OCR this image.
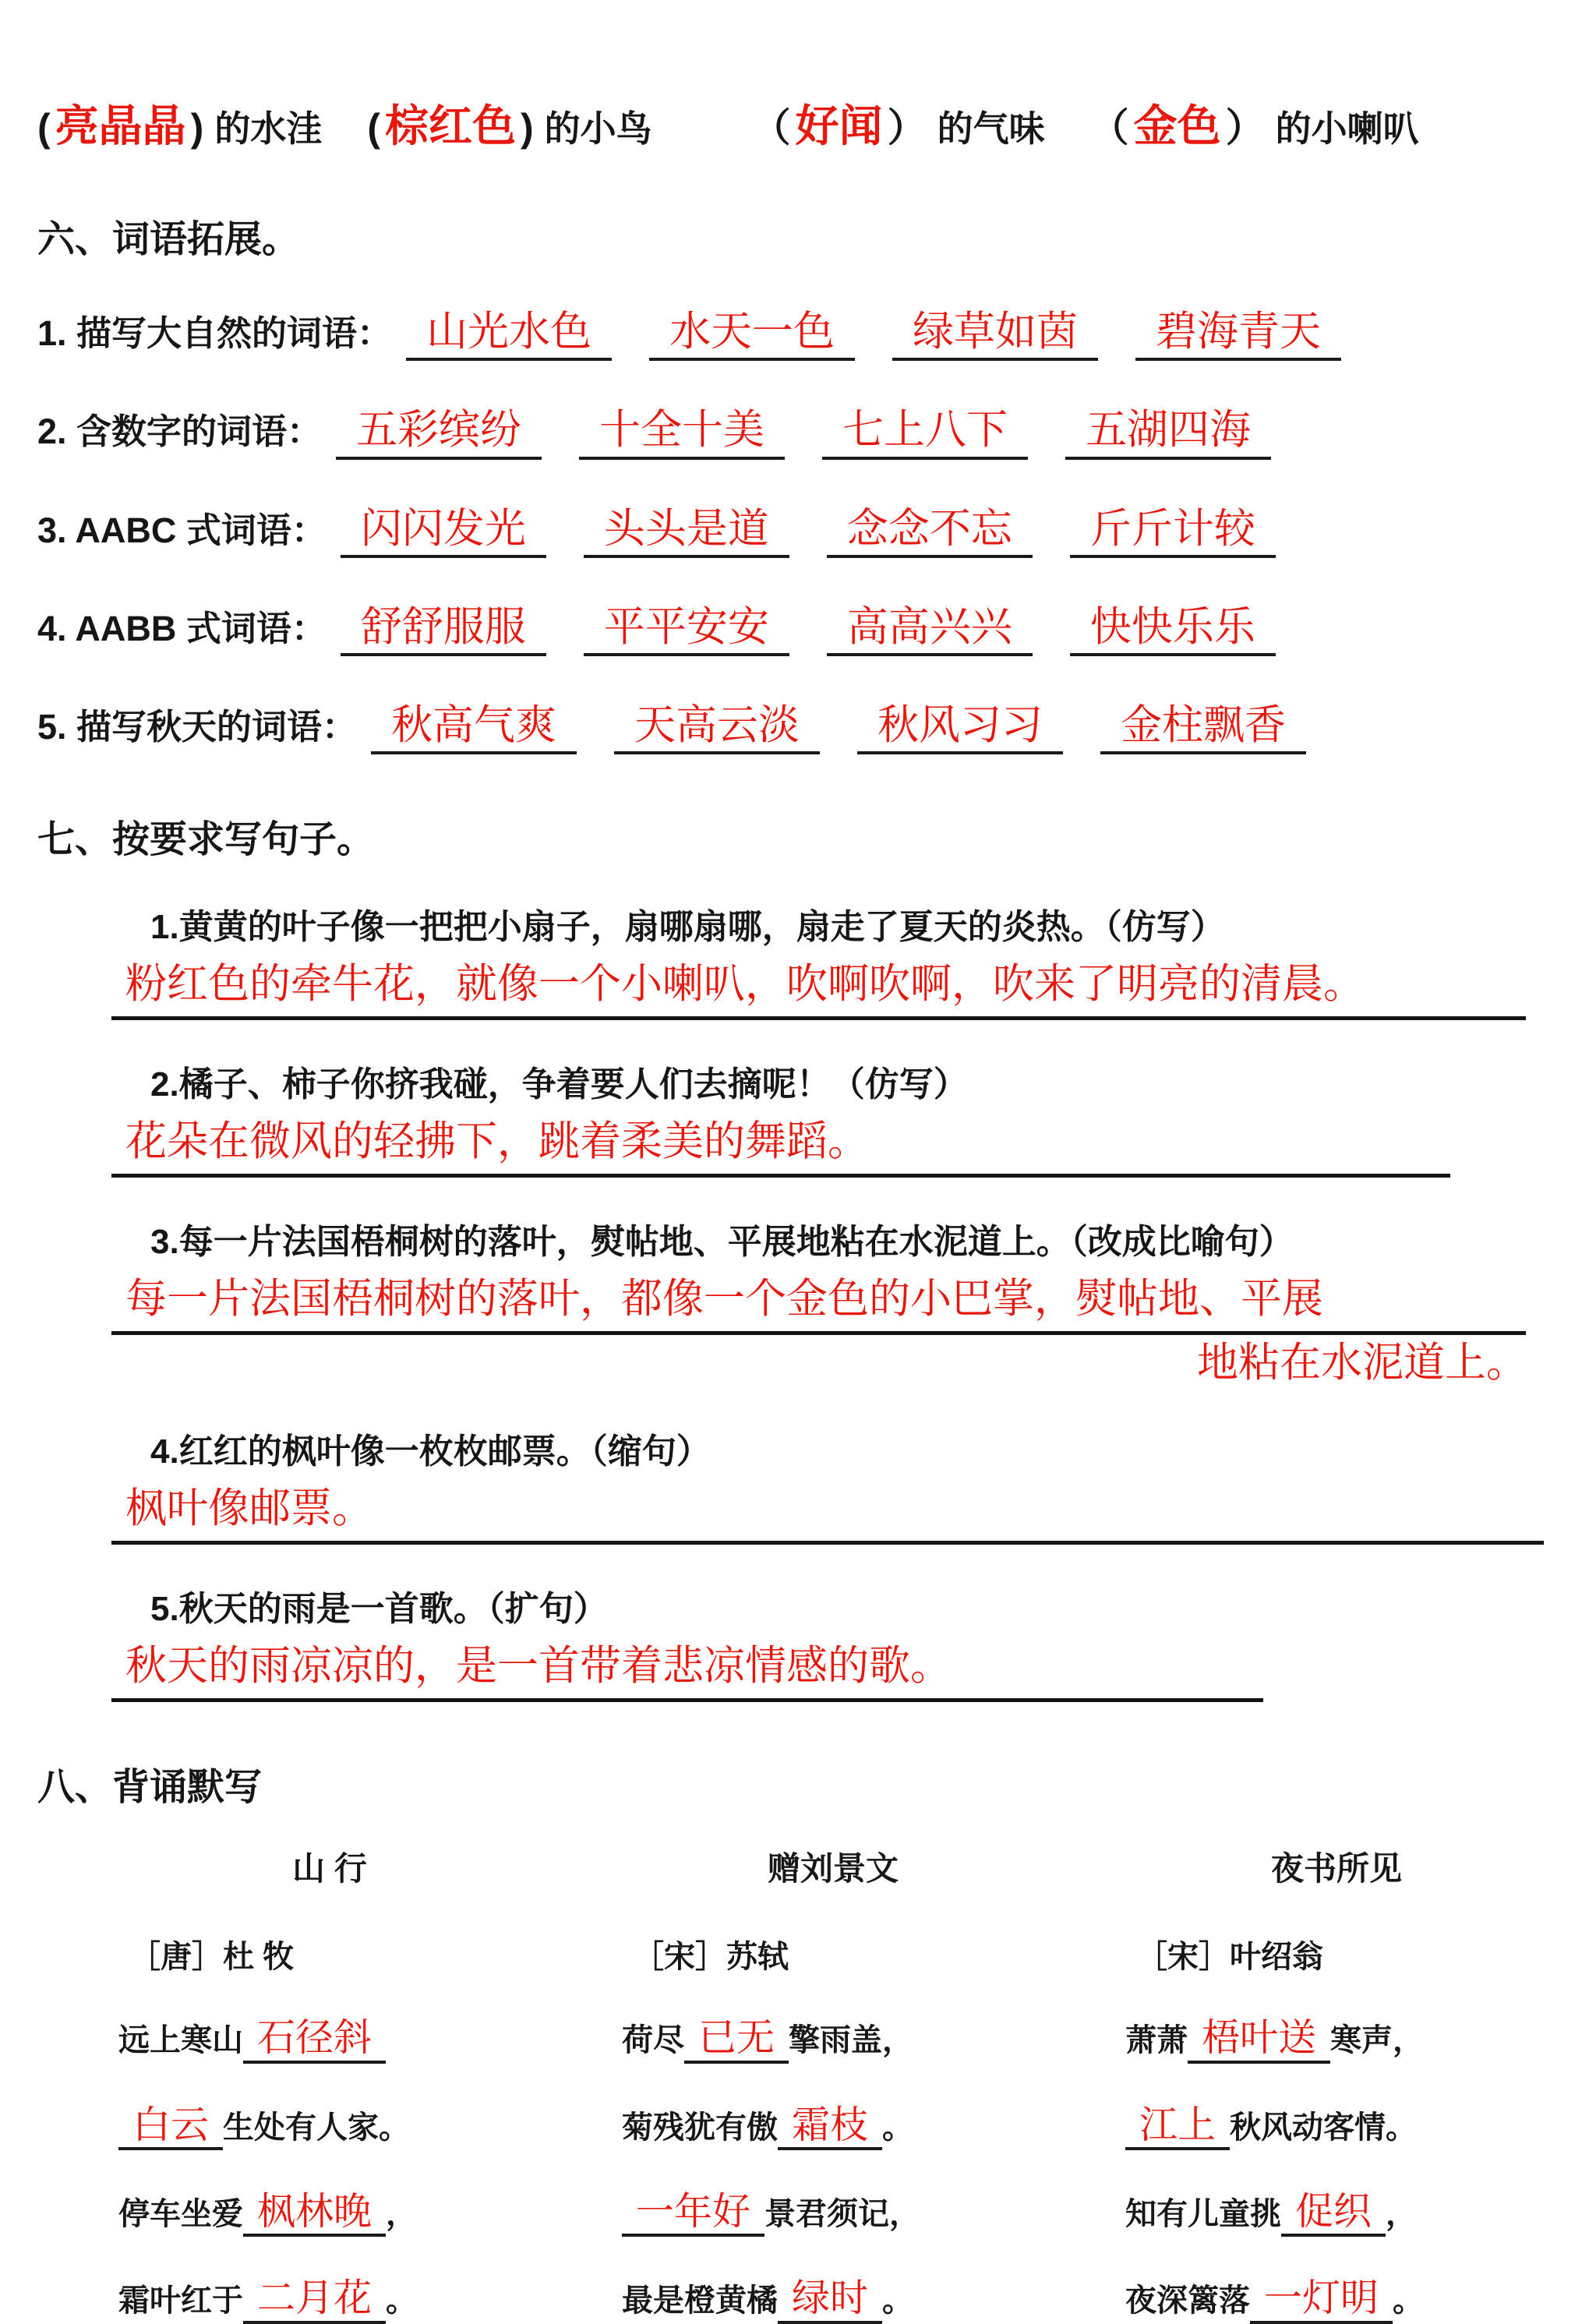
( 亮晶晶 ) 的水洼 ( 棕红色 ) 的小鸟	（ 好闻 ） 的气味 （ 金色 ） 的小喇叭
六、词语拓展。
1. 描写大自然的词语： 山光水色	水天一色	绿草如茵	碧海青天
2. 含数字的词语： 五彩缤纷	十全十美	七上八下	五湖四海
3. AABC 式词语： 闪闪发光	头头是道	念念不忘	斤斤计较
4. AABB 式词语： 舒舒服服	平平安安	高高兴兴	快快乐乐
5. 描写秋天的词语： 秋高气爽	天高云淡	秋风习习	金柱飘香
七、按要求写句子。
1.黄黄的叶子像一把把小扇子，扇哪扇哪，扇走了夏天的炎热。（仿写）
粉红色的牵牛花，就像一个小喇叭，吹啊吹啊，吹来了明亮的清晨。
2.橘子、柿子你挤我碰，争着要人们去摘呢！（仿写）
花朵在微风的轻拂下，跳着柔美的舞蹈。
3.每一片法国梧桐树的落叶，熨帖地、平展地粘在水泥道上。（改成比喻句）
每一片法国梧桐树的落叶，都像一个金色的小巴掌，熨帖地、平展
地粘在水泥道上。
4.红红的枫叶像一枚枚邮票。（缩句）
枫叶像邮票。
5.秋天的雨是一首歌。（扩句）
秋天的雨凉凉的，是一首带着悲凉情感的歌。
八、背诵默写
山 行
［唐］杜 牧
远上寒山 石径斜
白云 生处有人家。
停车坐爱 枫林晚 ，
霜叶红于 二月花 。
赠刘景文
［宋］苏轼
荷尽 已无 擎雨盖，
菊残犹有傲 霜枝 。
一年好 景君须记，
最是橙黄橘 绿时 。
夜书所见
［宋］叶绍翁
萧萧 梧叶送 寒声，
江上 秋风动客情。
知有儿童挑 促织 ，
夜深篱落 一灯明 。
